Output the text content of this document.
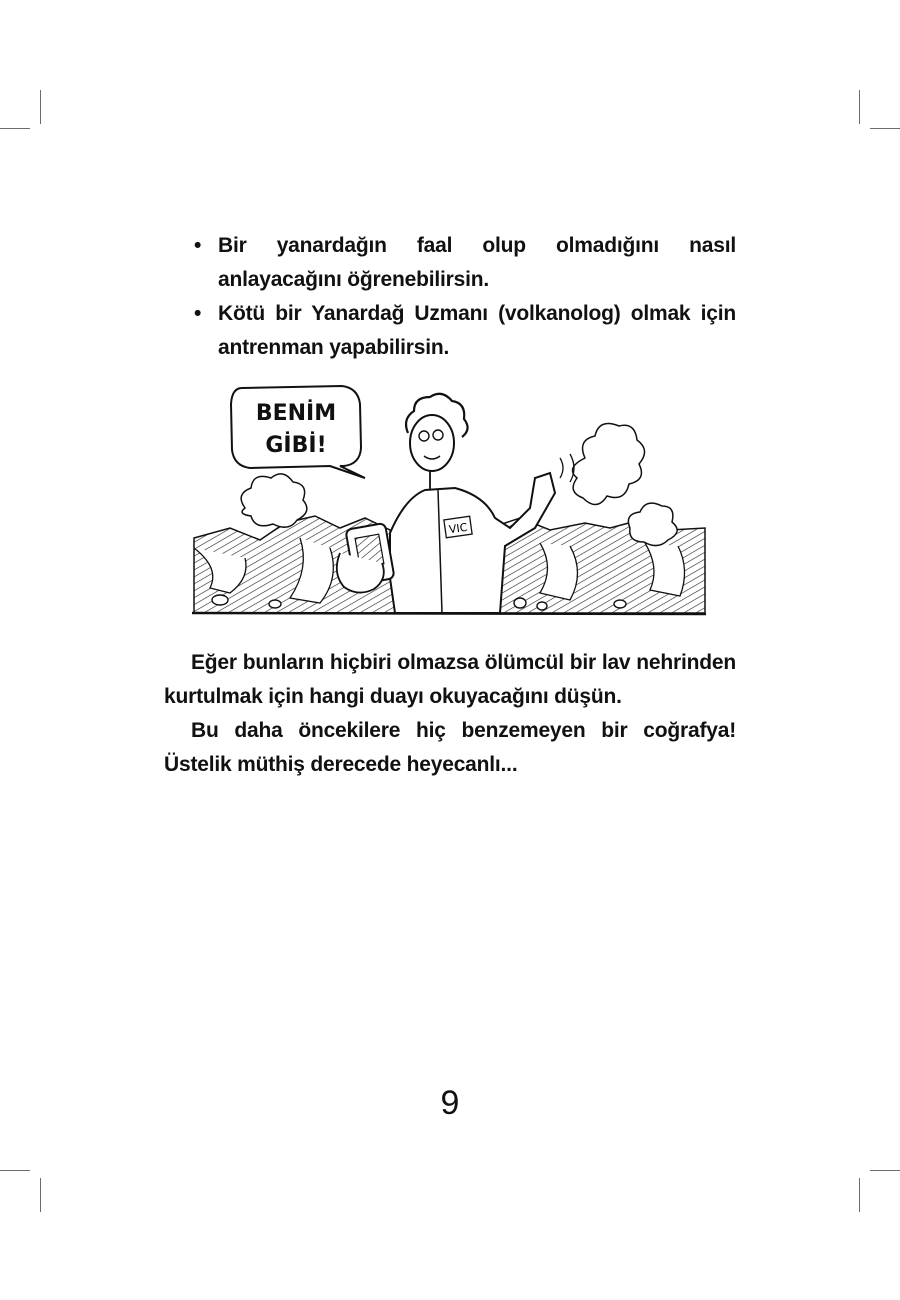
• Bir yanardağın faal olup olmadığını nasıl anlayacağını öğrenebilirsin.
• Kötü bir Yanardağ Uzmanı (volkanolog) olmak için antrenman yapabilirsin.
BENİM
GİBİ!
VIC

Eğer bunların hiçbiri olmazsa ölümcül bir lav nehrinden kurtulmak için hangi duayı okuyacağını düşün.

Bu daha öncekilere hiç benzemeyen bir coğrafya! Üstelik müthiş derecede heyecanlı...

9
